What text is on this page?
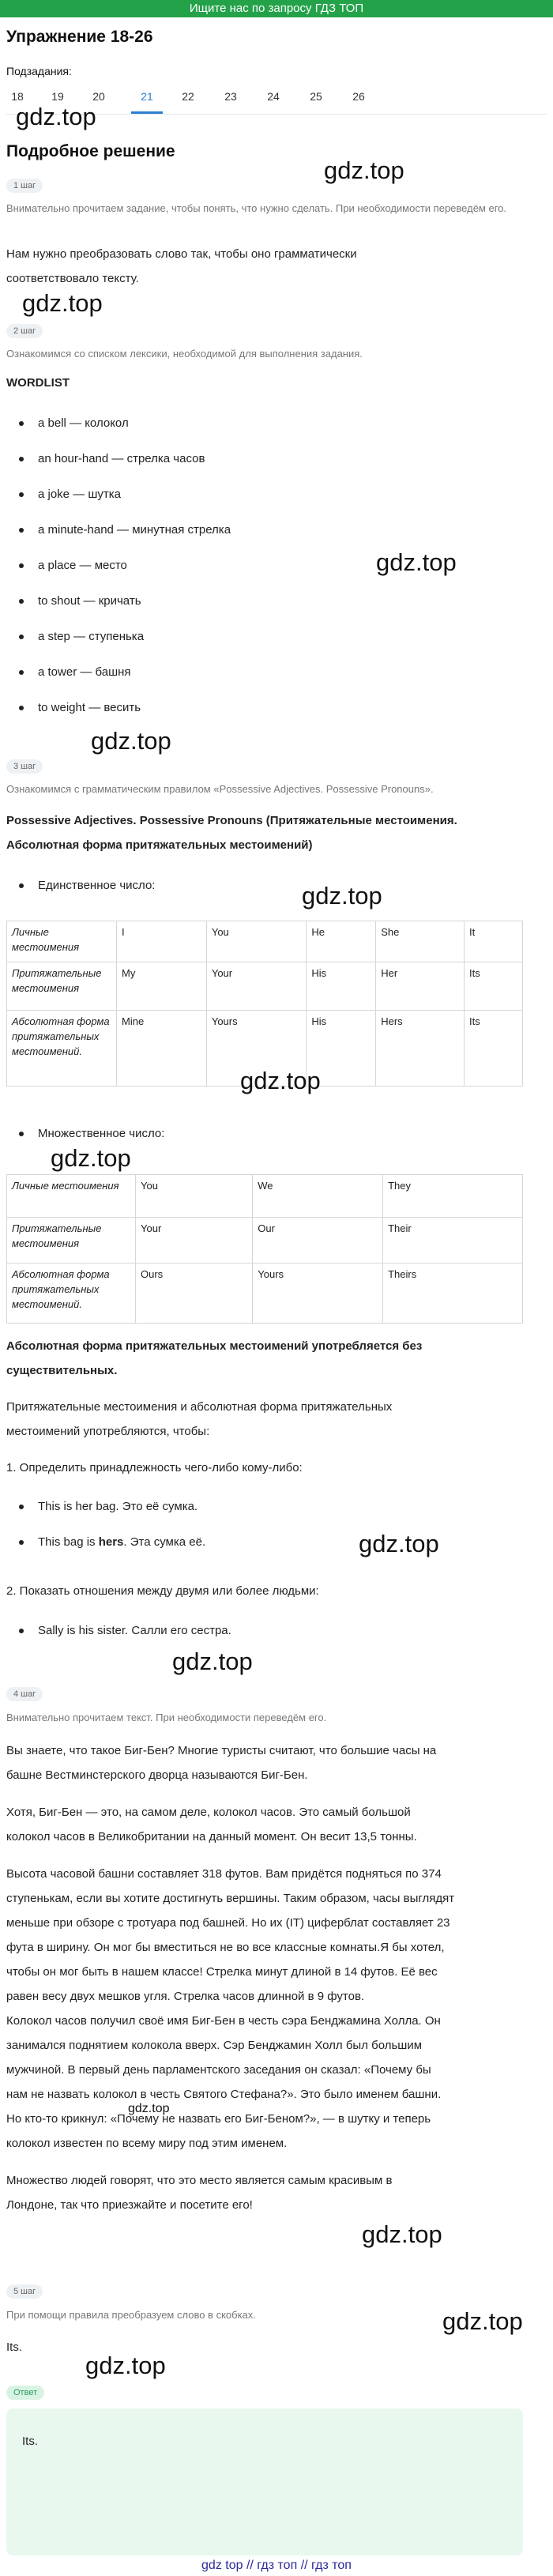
Ищите нас по запросу ГДЗ ТОП
Упражнение 18-26
Подзадания:
18	19	20	21	22	23	24	25	26
gdz.top
Подробное решение
gdz.top
1 шаг
Внимательно прочитаем задание, чтобы понять, что нужно сделать. При необходимости переведём его.
Нам нужно преобразовать слово так, чтобы оно грамматически соответствовало тексту.
gdz.top
2 шаг
Ознакомимся со списком лексики, необходимой для выполнения задания.
WORDLIST
a bell — колокол
an hour-hand — стрелка часов
a joke — шутка
a minute-hand — минутная стрелка
a place — место
to shout — кричать
a step — ступенька
a tower — башня
to weight — весить
gdz.top
gdz.top
3 шаг
Ознакомимся с грамматическим правилом «Possessive Adjectives. Possessive Pronouns».
Possessive Adjectives. Possessive Pronouns (Притяжательные местоимения.
Абсолютная форма притяжательных местоимений)
Единственное число:	gdz.top
Личные местоимения	I	You	He	She	It
Притяжательные местоимения	My	Your	His	Her	Its
Абсолютная форма притяжательных местоимений.	Mine	Yours	His	Hers	Its
gdz.top
Множественное число:
gdz.top
Личные местоимения	You	We	They
Притяжательные местоимения	Your	Our	Their
Абсолютная форма притяжательных местоимений.	Ours	Yours	Theirs
Абсолютная форма притяжательных местоимений употребляется без
существительных.
Притяжательные местоимения и абсолютная форма притяжательных
местоимений употребляются, чтобы:
1. Определить принадлежность чего-либо кому-либо:
This is her bag. Это её сумка.
This bag is hers. Эта сумка её.	gdz.top
2. Показать отношения между двумя или более людьми:
Sally is his sister. Салли его сестра.
gdz.top
4 шаг
Внимательно прочитаем текст. При необходимости переведём его.
Вы знаете, что такое Биг-Бен? Многие туристы считают, что большие часы на
башне Вестминстерского дворца называются Биг-Бен.
Хотя, Биг-Бен — это, на самом деле, колокол часов. Это самый большой
колокол часов в Великобритании на данный момент. Он весит 13,5 тонны.
Высота часовой башни составляет 318 футов. Вам придётся подняться по 374
ступенькам, если вы хотите достигнуть вершины. Таким образом, часы выглядят
меньше при обзоре с тротуара под башней. Но их (IT) циферблат составляет 23
фута в ширину. Он мог бы вместиться не во все классные комнаты.Я бы хотел,
чтобы он мог быть в нашем классе! Стрелка минут длиной в 14 футов. Её вес
равен весу двух мешков угля. Стрелка часов длинной в 9 футов.
Колокол часов получил своё имя Биг-Бен в честь сэра Бенджамина Холла. Он
занимался поднятием колокола вверх. Сэр Бенджамин Холл был большим
мужчиной. В первый день парламентского заседания он сказал: «Почему бы
нам не назвать колокол в честь Святого Стефана?». Это было именем башни.
Но кто-то крикнул: «Почему не назвать его Биг-Беном?», — в шутку и теперь
колокол известен по всему миру под этим именем.
Множество людей говорят, что это место является самым красивым в
Лондоне, так что приезжайте и посетите его!
gdz.top
gdz.top
5 шаг
gdz.top
При помощи правила преобразуем слово в скобках.
Its.
gdz.top
Ответ
Its.
gdz top // гдз топ // гдз топ
